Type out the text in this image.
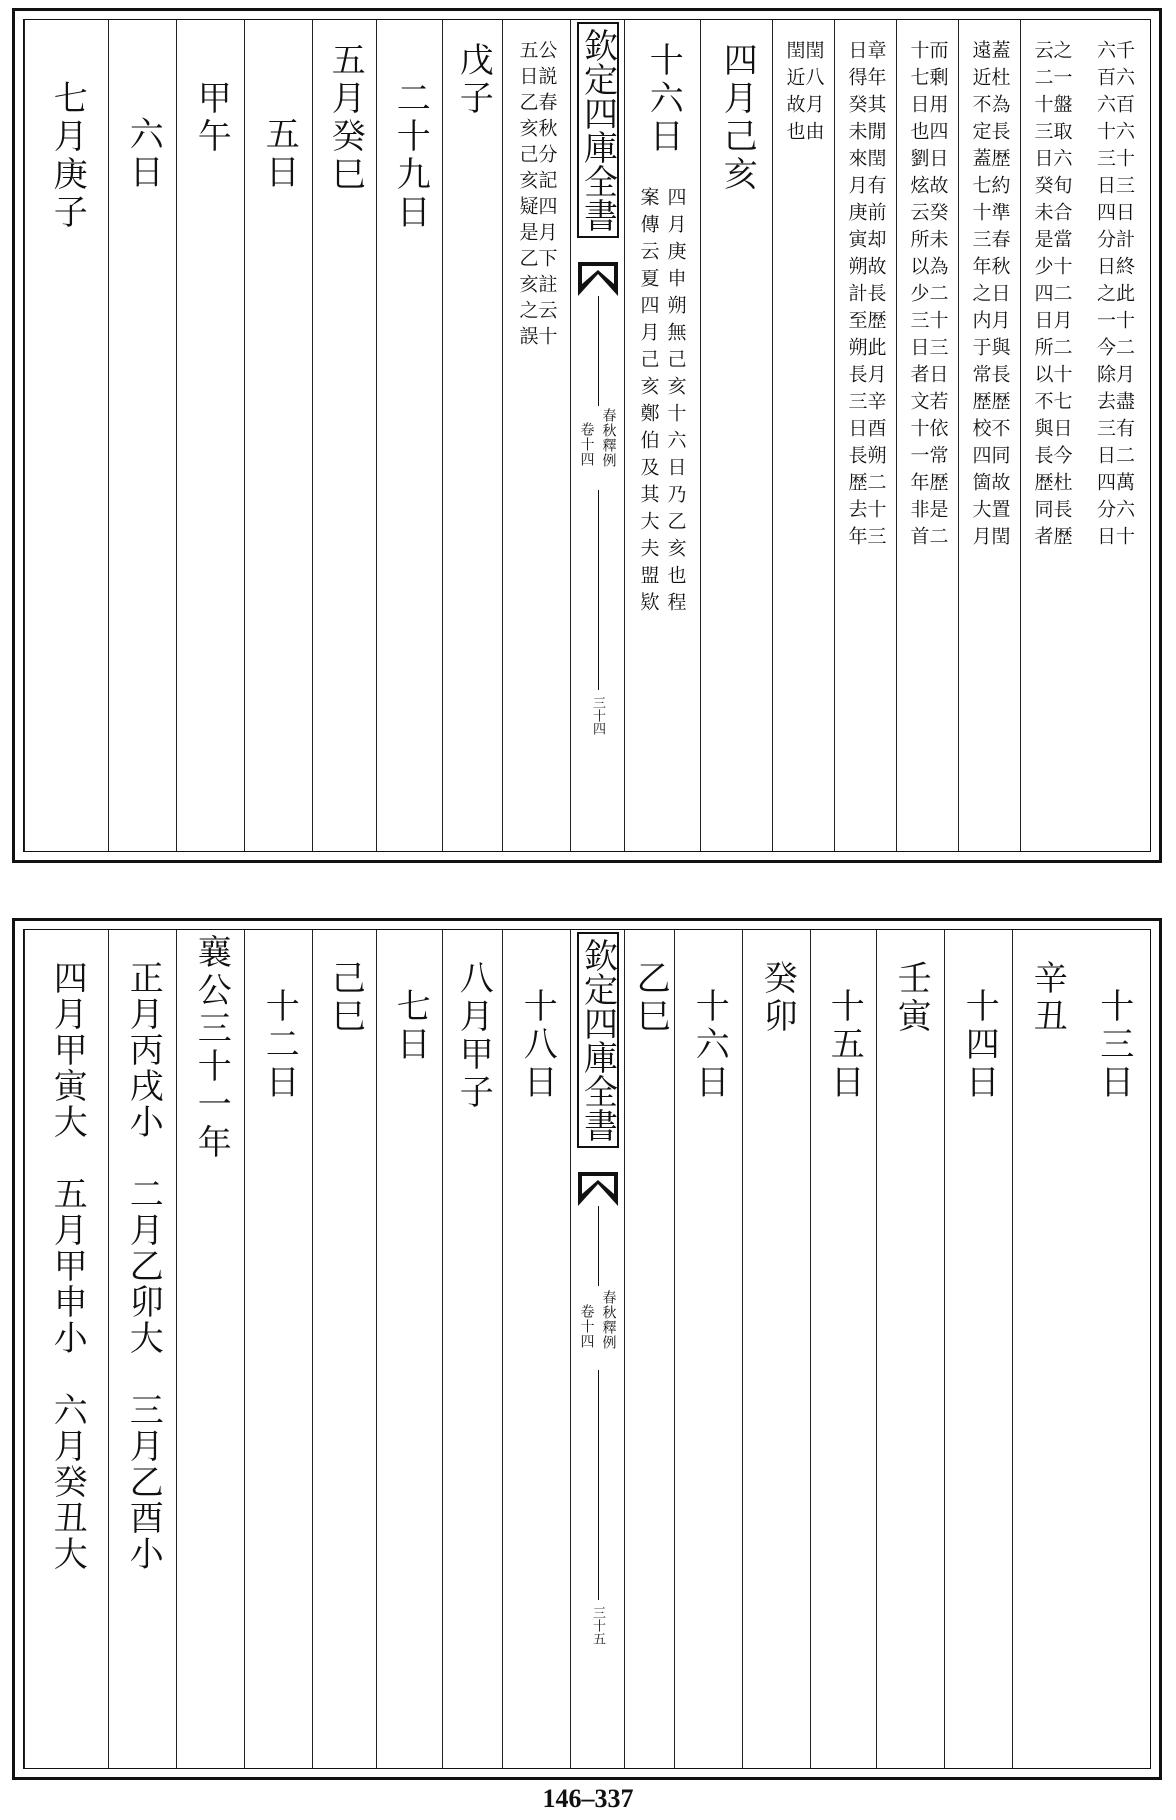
千六百六十三日計終此十二月盡有二萬六十
六百六十三日四分日之一今除去三日四分日
之一盤取六旬合當十二月二十七日今杜長歴
云二十三日癸未是少四日所以不與長歴同者
蓋杜為長歴約準春秋日月與長歴不同故置閏
遠近不定蓋七十三年之内于常歴校四箇大月
而剰用四日故癸未為二十三日若依常歴是二
十七日也劉炫云所以少三日者文十一年非首
章年其閒閏有前却故長歴此月辛酉朔二十三
日得癸未來月庚寅朔計至朔長三日長歴去年
閏八月由
閏近故也
四月己亥
四月庚申朔無己亥十六日乃乙亥也程
案傳云夏四月己亥鄭伯及其大夫盟欵
十六日
欽定四庫全書
春秋釋例
卷十四
三十四
公説春秋分記四月下註云十
五日乙亥己亥疑是乙亥之誤
戊子
二十九日
五月癸巳
五日
甲午
六日
七月庚子
十三日
辛丑
十四日
壬寅
十五日
癸卯
十六日
乙巳
欽定四庫全書
春秋釋例
卷十四
三十五
十八日
八月甲子
七日
己巳
十二日
襄公三十一年
正月丙戌小　二月乙卯大　三月乙酉小
四月甲寅大　五月甲申小　六月癸丑大
146–337
